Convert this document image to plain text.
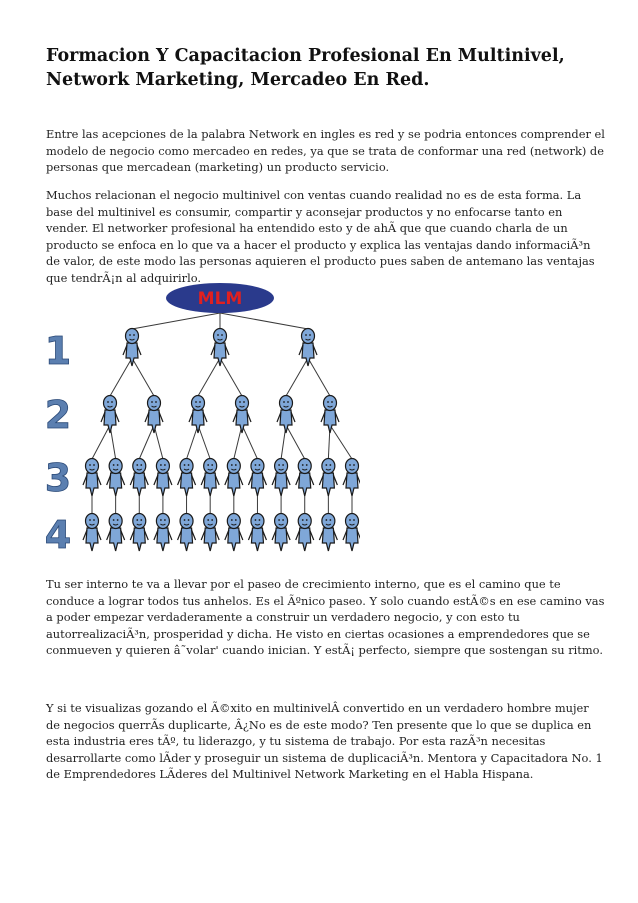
Formacion Y Capacitacion Profesional En Multinivel, Network Marketing, Mercadeo En Red.

Entre las acepciones de la palabra Network en ingles es red y se podria entonces comprender el modelo de negocio como mercadeo en redes, ya que se trata de conformar una red (network) de personas que mercadean (marketing) un producto servicio.

Muchos relacionan el negocio multinivel con ventas cuando realidad no es de esta forma. La base del multinivel es consumir, compartir y aconsejar productos y no enfocarse tanto en vender. El networker profesional ha entendido esto y de ahÃ que que cuando charla de un producto se enfoca en lo que va a hacer el producto y explica las ventajas dando informaciÃ³n de valor, de este modo las personas aquieren el producto pues saben de antemano las ventajas que tendrÃ¡n al adquirirlo.

1
2
3
4
MLM

Tu ser interno te va a llevar por el paseo de crecimiento interno, que es el camino que te conduce a lograr todos tus anhelos. Es el Ãºnico paseo. Y solo cuando estÃ©s en ese camino vas a poder empezar verdaderamente a construir un verdadero negocio, y con esto tu autorrealizaciÃ³n, prosperidad y dicha. He visto en ciertas ocasiones a emprendedores que se conmueven y quieren â˜volar' cuando inician. Y estÃ¡ perfecto, siempre que sostengan su ritmo.

Y si te visualizas gozando el Ã©xito en multinivelÂ convertido en un verdadero hombre mujer de negocios querrÃs duplicarte, Â¿No es de este modo? Ten presente que lo que se duplica en esta industria eres tÃº, tu liderazgo, y tu sistema de trabajo. Por esta razÃ³n necesitas desarrollarte como lÃder y proseguir un sistema de duplicaciÃ³n. Mentora y Capacitadora No. 1 de Emprendedores LÃderes del Multinivel Network Marketing en el Habla Hispana.
